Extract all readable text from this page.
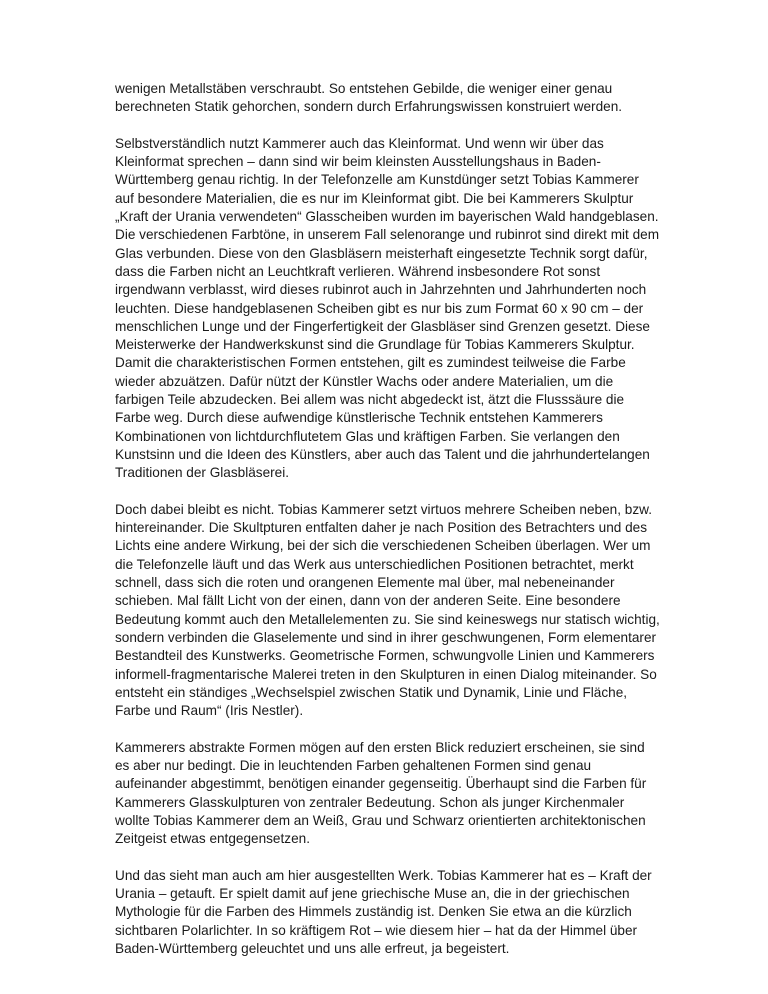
wenigen Metallstäben verschraubt. So entstehen Gebilde, die weniger einer genau berechneten Statik gehorchen, sondern durch Erfahrungswissen konstruiert werden.

Selbstverständlich nutzt Kammerer auch das Kleinformat. Und wenn wir über das Kleinformat sprechen – dann sind wir beim kleinsten Ausstellungshaus in Baden-Württemberg genau richtig. In der Telefonzelle am Kunstdünger setzt Tobias Kammerer auf besondere Materialien, die es nur im Kleinformat gibt. Die bei Kammerers Skulptur „Kraft der Urania verwendeten“ Glasscheiben wurden im bayerischen Wald handgeblasen. Die verschiedenen Farbtöne, in unserem Fall selenorange und rubinrot sind direkt mit dem Glas verbunden. Diese von den Glasbläsern meisterhaft eingesetzte Technik sorgt dafür, dass die Farben nicht an Leuchtkraft verlieren. Während insbesondere Rot sonst irgendwann verblasst, wird dieses rubinrot auch in Jahrzehnten und Jahrhunderten noch leuchten. Diese handgeblasenen Scheiben gibt es nur bis zum Format 60 x 90 cm – der menschlichen Lunge und der Fingerfertigkeit der Glasbläser sind Grenzen gesetzt. Diese Meisterwerke der Handwerkskunst sind die Grundlage für Tobias Kammerers Skulptur. Damit die charakteristischen Formen entstehen, gilt es zumindest teilweise die Farbe wieder abzuätzen. Dafür nützt der Künstler Wachs oder andere Materialien, um die farbigen Teile abzudecken. Bei allem was nicht abgedeckt ist, ätzt die Flusssäure die Farbe weg. Durch diese aufwendige künstlerische Technik entstehen Kammerers Kombinationen von lichtdurchflutetem Glas und kräftigen Farben. Sie verlangen den Kunstsinn und die Ideen des Künstlers, aber auch das Talent und die jahrhundertelangen Traditionen der Glasbläserei.

Doch dabei bleibt es nicht. Tobias Kammerer setzt virtuos mehrere Scheiben neben, bzw. hintereinander. Die Skultpturen entfalten daher je nach Position des Betrachters und des Lichts eine andere Wirkung, bei der sich die verschiedenen Scheiben überlagen. Wer um die Telefonzelle läuft und das Werk aus unterschiedlichen Positionen betrachtet, merkt schnell, dass sich die roten und orangenen Elemente mal über, mal nebeneinander schieben. Mal fällt Licht von der einen, dann von der anderen Seite. Eine besondere Bedeutung kommt auch den Metallelementen zu. Sie sind keineswegs nur statisch wichtig, sondern verbinden die Glaselemente und sind in ihrer geschwungenen, Form elementarer Bestandteil des Kunstwerks. Geometrische Formen, schwungvolle Linien und Kammerers informell-fragmentarische Malerei treten in den Skulpturen in einen Dialog miteinander. So entsteht ein ständiges „Wechselspiel zwischen Statik und Dynamik, Linie und Fläche, Farbe und Raum“ (Iris Nestler).

Kammerers abstrakte Formen mögen auf den ersten Blick reduziert erscheinen, sie sind es aber nur bedingt. Die in leuchtenden Farben gehaltenen Formen sind genau aufeinander abgestimmt, benötigen einander gegenseitig. Überhaupt sind die Farben für Kammerers Glasskulpturen von zentraler Bedeutung. Schon als junger Kirchenmaler wollte Tobias Kammerer dem an Weiß, Grau und Schwarz orientierten architektonischen Zeitgeist etwas entgegensetzen.

Und das sieht man auch am hier ausgestellten Werk. Tobias Kammerer hat es – Kraft der Urania – getauft. Er spielt damit auf jene griechische Muse an, die in der griechischen Mythologie für die Farben des Himmels zuständig ist. Denken Sie etwa an die kürzlich sichtbaren Polarlichter. In so kräftigem Rot – wie diesem hier – hat da der Himmel über Baden-Württemberg geleuchtet und uns alle erfreut, ja begeistert.
